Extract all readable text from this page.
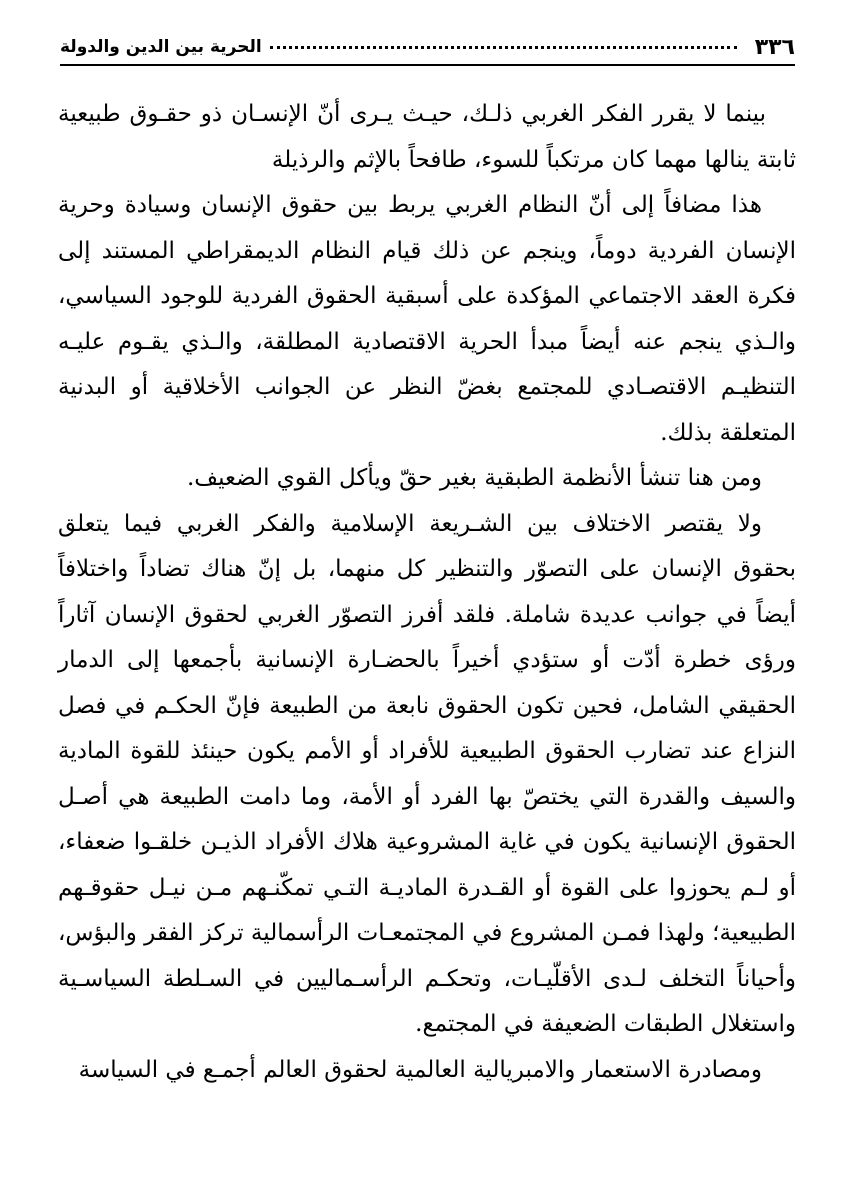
٣٣٦
الحرية بين الدين والدولة

بينما لا يقرر الفكر الغربي ذلـك، حيـث يـرى أنّ الإنسـان ذو حقـوق طبيعية ثابتة ينالها مهما كان مرتكباً للسوء، طافحاً بالإثم والرذيلة

هذا مضافاً إلى أنّ النظام الغربي يربط بين حقوق الإنسان وسيادة وحرية الإنسان الفردية دوماً، وينجم عن ذلك قيام النظام الديمقراطي المستند إلى فكرة العقد الاجتماعي المؤكدة على أسبقية الحقوق الفردية للوجود السياسي، والـذي ينجم عنه أيضاً مبدأ الحرية الاقتصادية المطلقة، والـذي يقـوم عليـه التنظيـم الاقتصـادي للمجتمع بغضّ النظر عن الجوانب الأخلاقية أو البدنية المتعلقة بذلك.

ومن هنا تنشأ الأنظمة الطبقية بغير حقّ ويأكل القوي الضعيف.

ولا يقتصر الاختلاف بين الشـريعة الإسلامية والفكر الغربي فيما يتعلق بحقوق الإنسان على التصوّر والتنظير كل منهما، بل إنّ هناك تضاداً واختلافاً أيضاً في جوانب عديدة شاملة. فلقد أفرز التصوّر الغربي لحقوق الإنسان آثاراً ورؤى خطرة أدّت أو ستؤدي أخيراً بالحضـارة الإنسانية بأجمعها إلى الدمار الحقيقي الشامل، فحين تكون الحقوق نابعة من الطبيعة فإنّ الحكـم في فصل النزاع عند تضارب الحقوق الطبيعية للأفراد أو الأمم يكون حينئذ للقوة المادية والسيف والقدرة التي يختصّ بها الفرد أو الأمة، وما دامت الطبيعة هي أصـل الحقوق الإنسانية يكون في غاية المشروعية هلاك الأفراد الذيـن خلقـوا ضعفاء، أو لـم يحوزوا على القوة أو القـدرة الماديـة التـي تمكّنـهم مـن نيـل حقوقـهم الطبيعية؛ ولهذا فمـن المشروع في المجتمعـات الرأسمالية تركز الفقر والبؤس، وأحياناً التخلف لـدى الأقلّيـات، وتحكـم الرأسـماليين في السـلطة السياسـية واستغلال الطبقات الضعيفة في المجتمع.

ومصادرة الاستعمار والامبريالية العالمية لحقوق العالم أجمـع في السياسة
